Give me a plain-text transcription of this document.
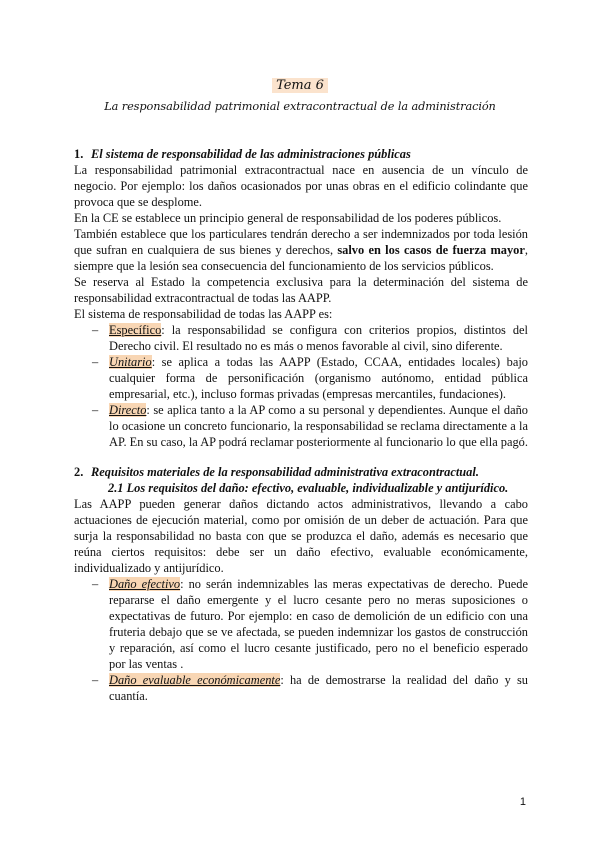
Tema 6
La responsabilidad patrimonial extracontractual de la administración
1. El sistema de responsabilidad de las administraciones públicas

La responsabilidad patrimonial extracontractual nace en ausencia de un vínculo de negocio. Por ejemplo: los daños ocasionados por unas obras en el edificio colindante que provoca que se desplome.

En la CE se establece un principio general de responsabilidad de los poderes públicos.

También establece que los particulares tendrán derecho a ser indemnizados por toda lesión que sufran en cualquiera de sus bienes y derechos, salvo en los casos de fuerza mayor, siempre que la lesión sea consecuencia del funcionamiento de los servicios públicos.

Se reserva al Estado la competencia exclusiva para la determinación del sistema de responsabilidad extracontractual de todas las AAPP.

El sistema de responsabilidad de todas las AAPP es:

– Específico: la responsabilidad se configura con criterios propios, distintos del Derecho civil. El resultado no es más o menos favorable al civil, sino diferente.
– Unitario: se aplica a todas las AAPP (Estado, CCAA, entidades locales) bajo cualquier forma de personificación (organismo autónomo, entidad pública empresarial, etc.), incluso formas privadas (empresas mercantiles, fundaciones).
– Directo: se aplica tanto a la AP como a su personal y dependientes. Aunque el daño lo ocasione un concreto funcionario, la responsabilidad se reclama directamente a la AP. En su caso, la AP podrá reclamar posteriormente al funcionario lo que ella pagó.
2. Requisitos materiales de la responsabilidad administrativa extracontractual.
2.1 Los requisitos del daño: efectivo, evaluable, individualizable y antijurídico.

Las AAPP pueden generar daños dictando actos administrativos, llevando a cabo actuaciones de ejecución material, como por omisión de un deber de actuación. Para que surja la responsabilidad no basta con que se produzca el daño, además es necesario que reúna ciertos requisitos: debe ser un daño efectivo, evaluable económicamente, individualizado y antijurídico.

– Daño efectivo: no serán indemnizables las meras expectativas de derecho. Puede repararse el daño emergente y el lucro cesante pero no meras suposiciones o expectativas de futuro. Por ejemplo: en caso de demolición de un edificio con una fruteria debajo que se ve afectada, se pueden indemnizar los gastos de construcción y reparación, así como el lucro cesante justificado, pero no el beneficio esperado por las ventas .
– Daño evaluable económicamente: ha de demostrarse la realidad del daño y su cuantía.
1
